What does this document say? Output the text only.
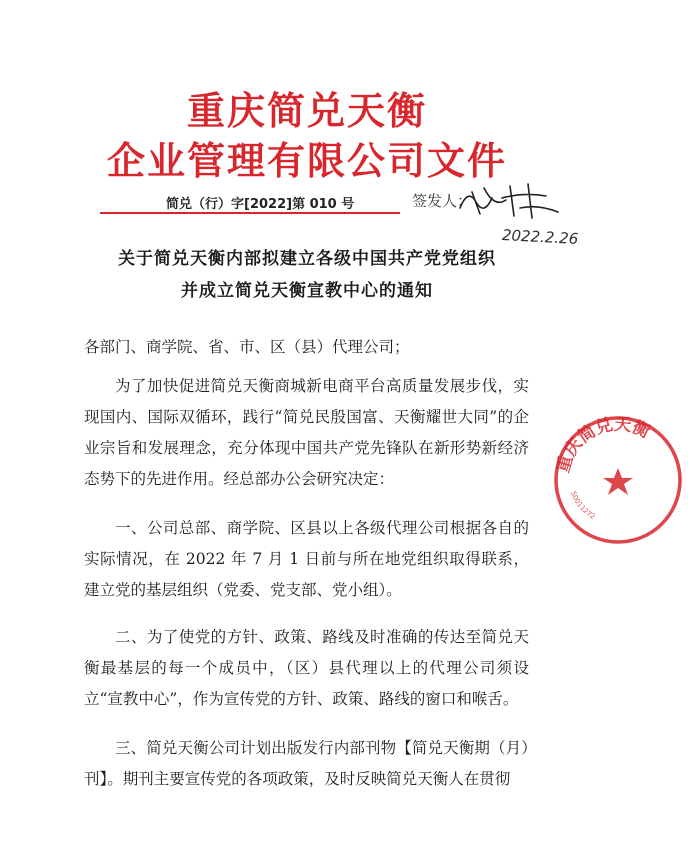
重庆简兑天衡
企业管理有限公司文件
简兑（行）字[2022]第 010 号	签发人：
2022.2.26
关于简兑天衡内部拟建立各级中国共产党党组织
并成立简兑天衡宣教中心的通知
各部门、商学院、省、市、区（县）代理公司；
为了加快促进简兑天衡商城新电商平台高质量发展步伐，实现国内、国际双循环，践行“简兑民殷国富、天衡耀世大同”的企业宗旨和发展理念，充分体现中国共产党先锋队在新形势新经济态势下的先进作用。经总部办公会研究决定：
一、公司总部、商学院、区县以上各级代理公司根据各自的实际情况，在 2022 年 7 月 1 日前与所在地党组织取得联系，建立党的基层组织（党委、党支部、党小组）。
二、为了使党的方针、政策、路线及时准确的传达至简兑天衡最基层的每一个成员中，（区）县代理以上的代理公司须设立“宣教中心”，作为宣传党的方针、政策、路线的窗口和喉舌。
三、简兑天衡公司计划出版发行内部刊物【简兑天衡期（月）刊】。期刊主要宣传党的各项政策，及时反映简兑天衡人在贯彻
重庆简兑天衡
50011272
